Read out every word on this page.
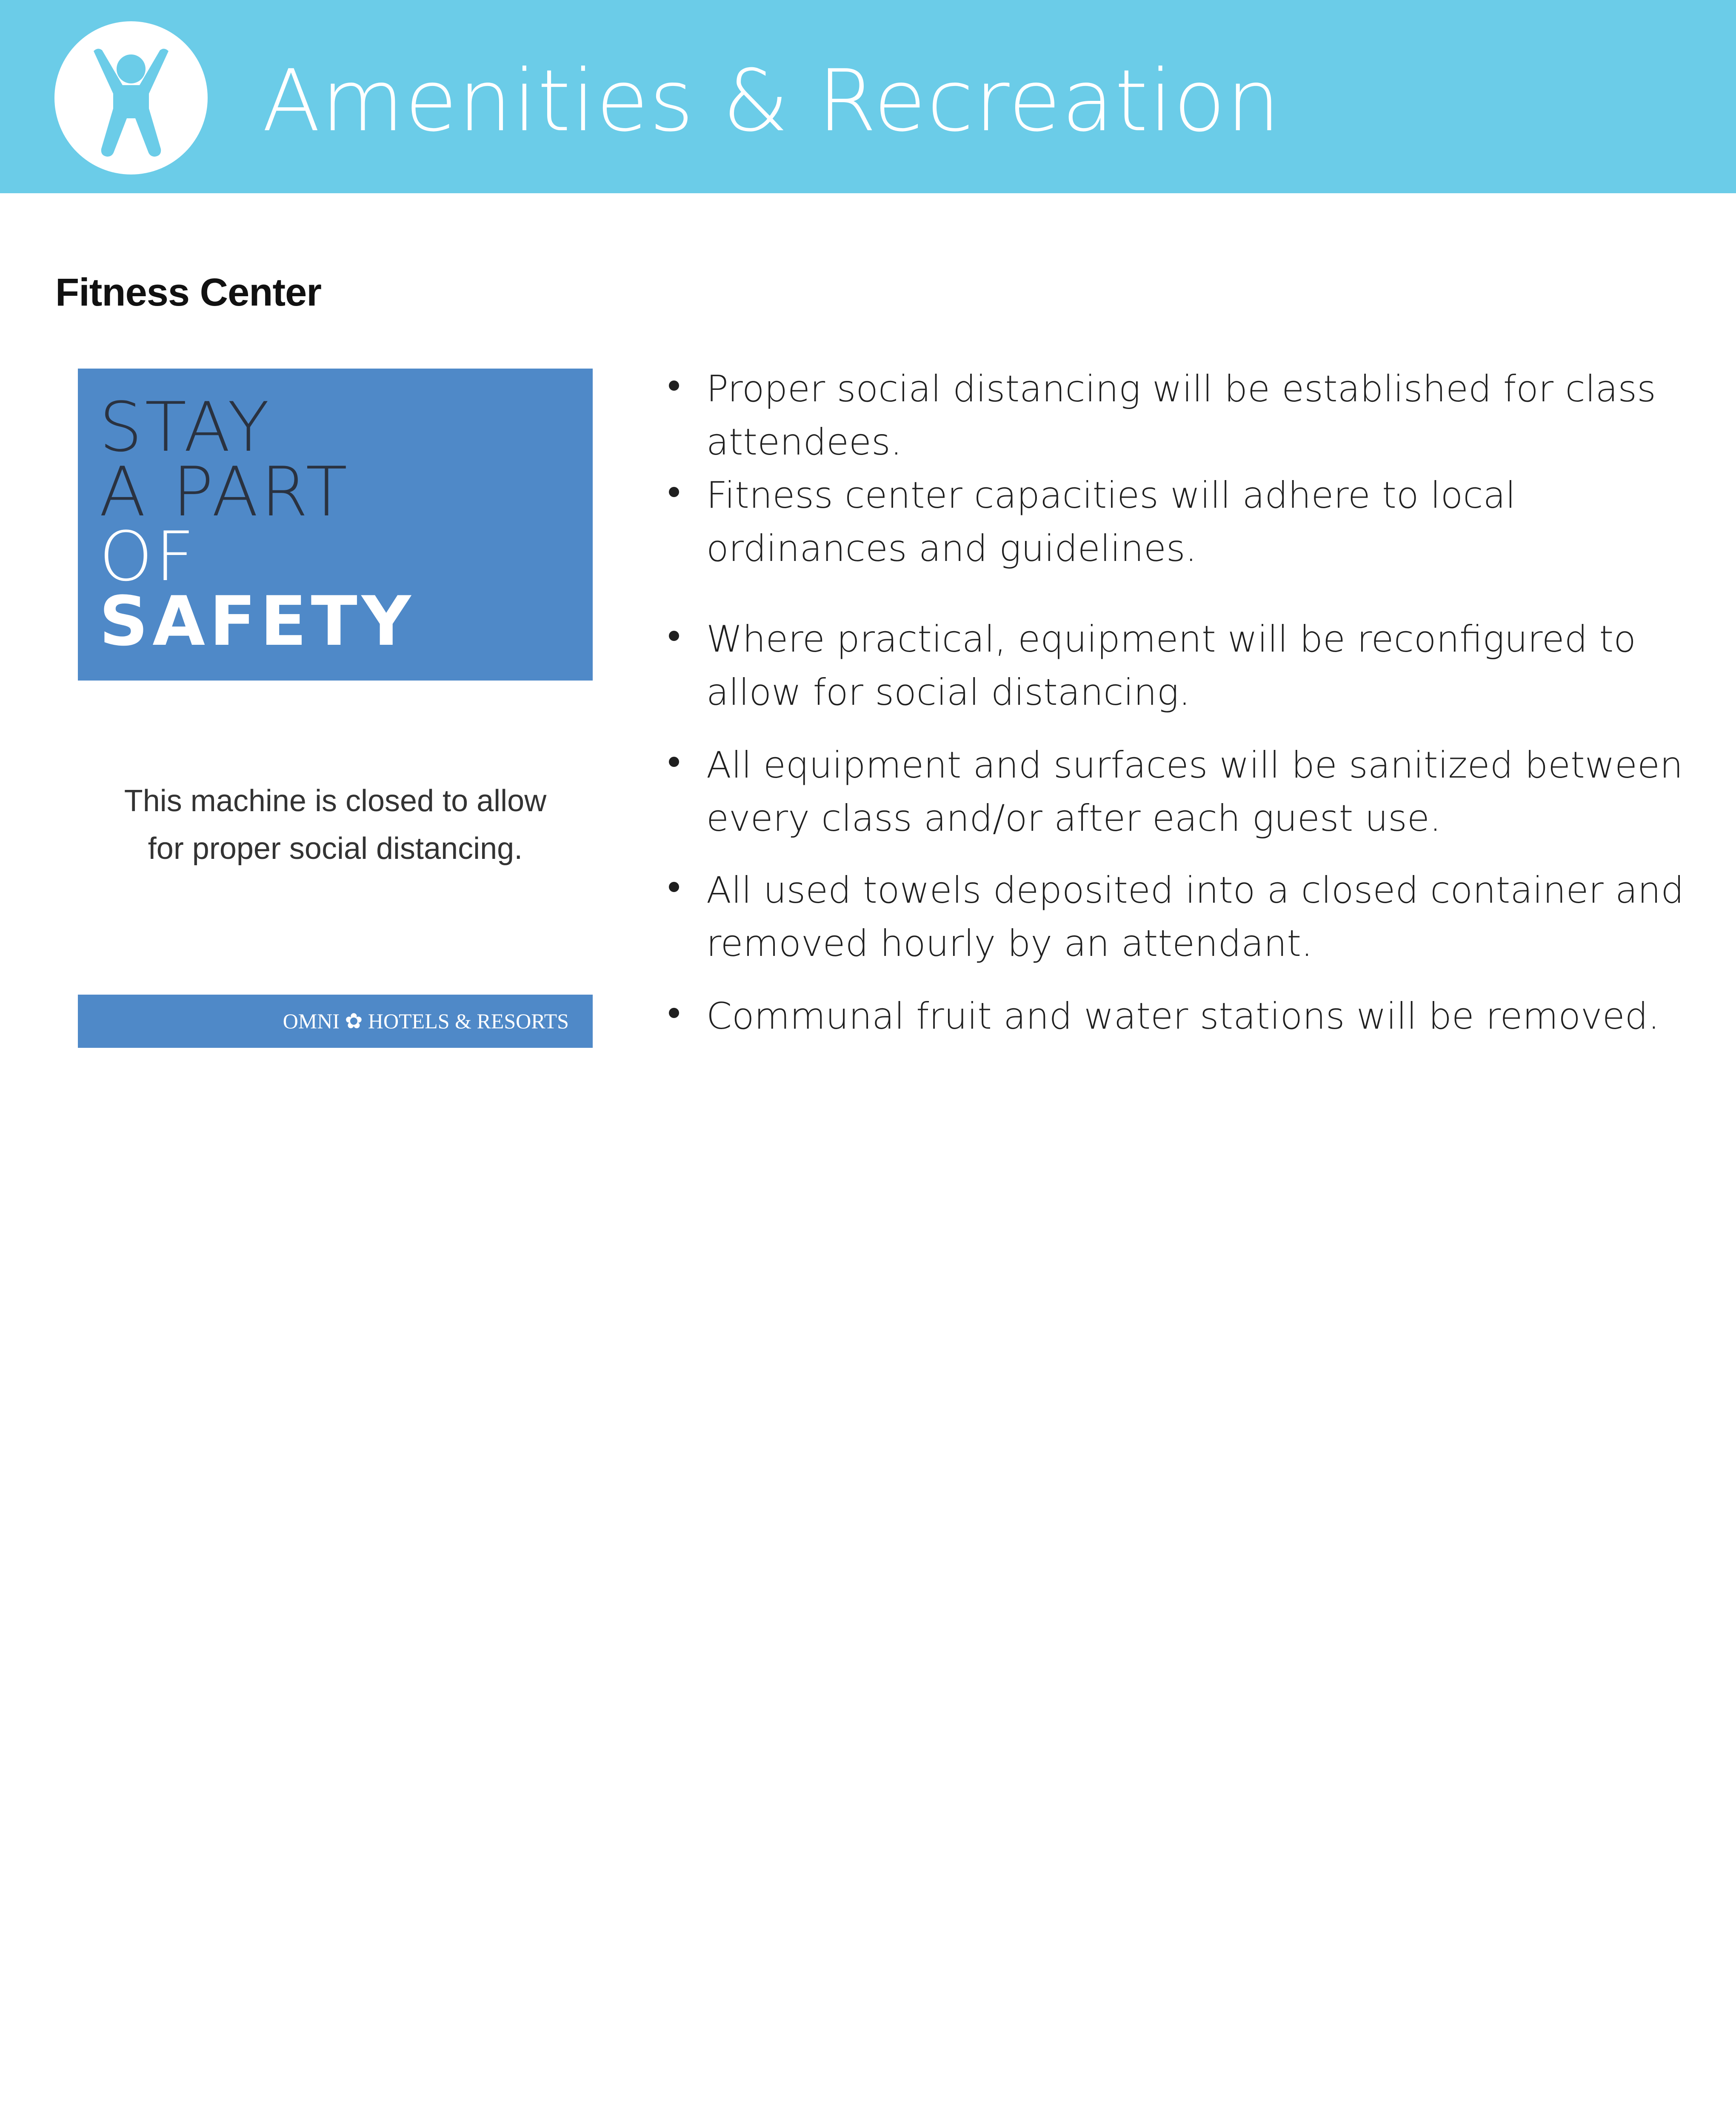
Amenities & Recreation
Fitness Center
STAY
A PART
OF
SAFETY
This machine is closed to allow
for proper social distancing.
OMNI ✿ HOTELS & RESORTS
Proper social distancing will be established for class attendees.
Fitness center capacities will adhere to local ordinances and guidelines.
Where practical, equipment will be reconfigured to allow for social distancing.
All equipment and surfaces will be sanitized between every class and/or after each guest use.
All used towels deposited into a closed container and removed hourly by an attendant.
Communal fruit and water stations will be removed.
